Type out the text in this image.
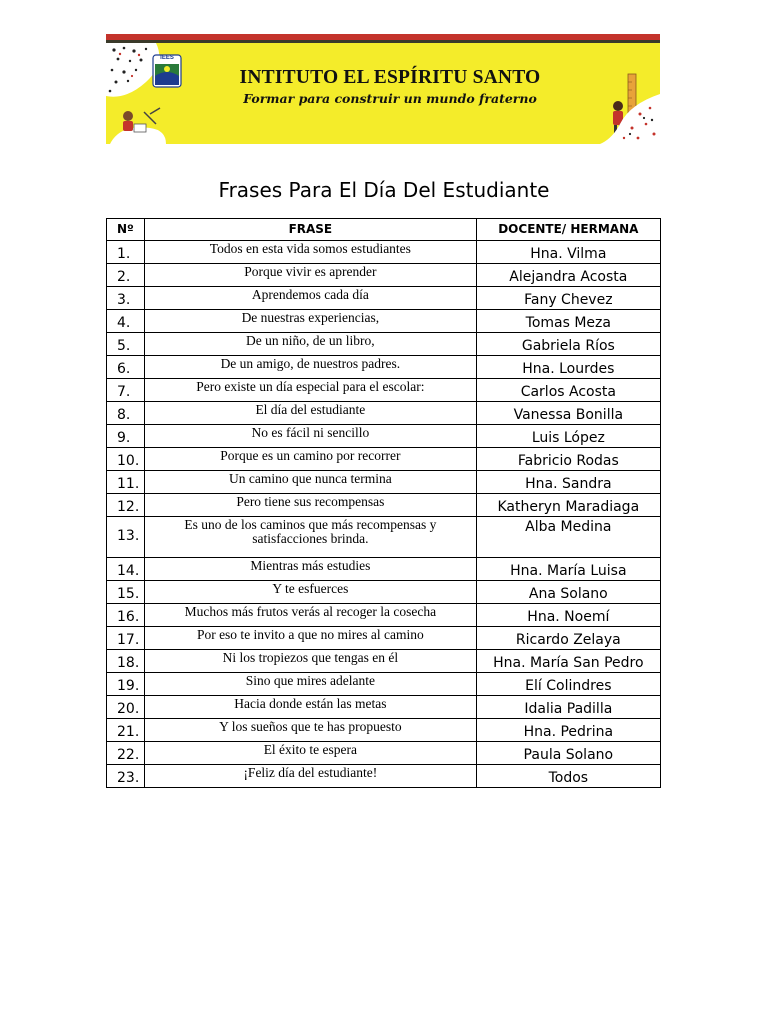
IEES
INTITUTO EL ESPÍRITU SANTO
Formar para construir un mundo fraterno
Frases Para El Día Del Estudiante
Nº	FRASE	DOCENTE/ HERMANA
1.	Todos en esta vida somos estudiantes	Hna. Vilma
2.	Porque vivir es aprender	Alejandra Acosta
3.	Aprendemos cada día	Fany Chevez
4.	De nuestras experiencias,	Tomas Meza
5.	De un niño, de un libro,	Gabriela Ríos
6.	De un amigo, de nuestros padres.	Hna. Lourdes
7.	Pero existe un día especial para el escolar:	Carlos Acosta
8.	El día del estudiante	Vanessa Bonilla
9.	No es fácil ni sencillo	Luis López
10.	Porque es un camino por recorrer	Fabricio Rodas
11.	Un camino que nunca termina	Hna. Sandra
12.	Pero tiene sus recompensas	Katheryn Maradiaga
13.	Es uno de los caminos que más recompensas y satisfacciones brinda.	Alba Medina
14.	Mientras más estudies	Hna. María Luisa
15.	Y te esfuerces	Ana Solano
16.	Muchos más frutos verás al recoger la cosecha	Hna. Noemí
17.	Por eso te invito a que no mires al camino	Ricardo Zelaya
18.	Ni los tropiezos que tengas en él	Hna. María San Pedro
19.	Sino que mires adelante	Elí Colindres
20.	Hacia donde están las metas	Idalia Padilla
21.	Y los sueños que te has propuesto	Hna. Pedrina
22.	El éxito te espera	Paula Solano
23.	¡Feliz día del estudiante!	Todos
